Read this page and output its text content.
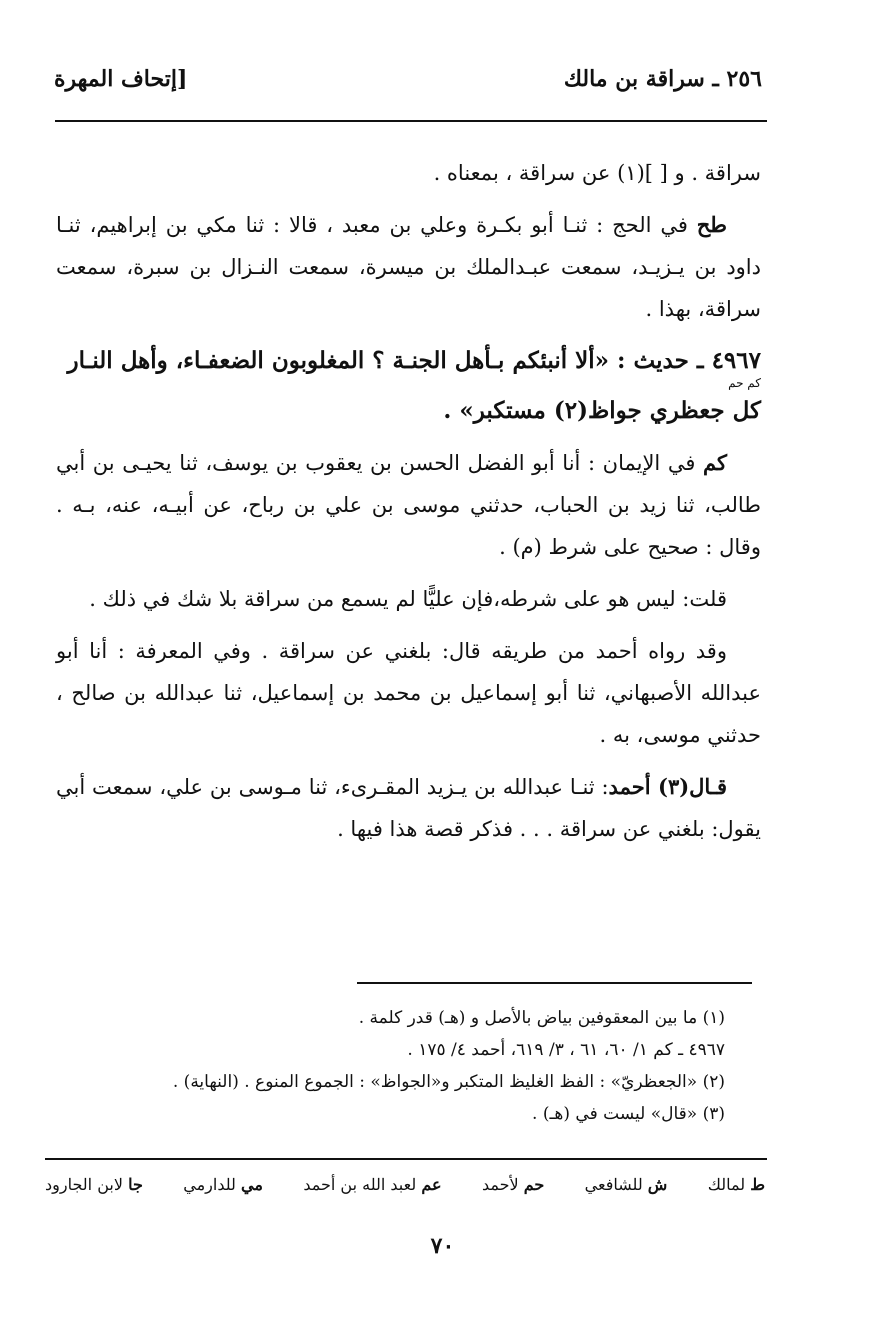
٢٥٦ ـ سراقة بن مالك
[إتحاف المهرة

سراقة . و [ ](١) عن سراقة ، بمعناه .

طح في الحج : ثنـا أبو بكـرة وعلي بن معبد ، قالا : ثنا مكي بن إبراهيم، ثنـا داود بن يـزيـد، سمعت عبـدالملك بن ميسرة، سمعت النـزال بن سبرة، سمعت سراقة، بهذا .

٤٩٦٧ ـ حديث : «ألا أنبئكم بـأهل الجنـة ؟ المغلوبون الضعفـاء، وأهل النـار
كم حم
كل جعظري جواظ(٢) مستكبر» .

كم في الإيمان : أنا أبو الفضل الحسن بن يعقوب بن يوسف، ثنا يحيـى بن أبي طالب، ثنا زيد بن الحباب، حدثني موسى بن علي بن رباح، عن أبيـه، عنه، بـه . وقال : صحيح على شرط (م) .

قلت: ليس هو على شرطه،فإن عليًّا لم يسمع من سراقة بلا شك في ذلك .

وقد رواه أحمد من طريقه قال: بلغني عن سراقة . وفي المعرفة : أنا أبو عبدالله الأصبهاني، ثنا أبو إسماعيل بن محمد بن إسماعيل، ثنا عبدالله بن صالح ، حدثني موسى، به .

قـال(٣) أحمد: ثنـا عبدالله بن يـزيد المقـرىء، ثنا مـوسى بن علي، سمعت أبي يقول: بلغني عن سراقة . . . فذكر قصة هذا فيها .

(١) ما بين المعقوفين بياض بالأصل و (هـ) قدر كلمة .
٤٩٦٧ ـ كم ١/ ٦٠، ٦١ ، ٣/ ٦١٩، أحمد ٤/ ١٧٥ .
(٢) «الجعظريّ» : الفظ الغليظ المتكبر و«الجواظ» : الجموع المنوع . (النهاية) .
(٣) «قال» ليست في (هـ) .
ط لمالك
ش للشافعي
حم لأحمد
عم لعبد الله بن أحمد
مي للدارمي
جا لابن الجارود
٧٠
